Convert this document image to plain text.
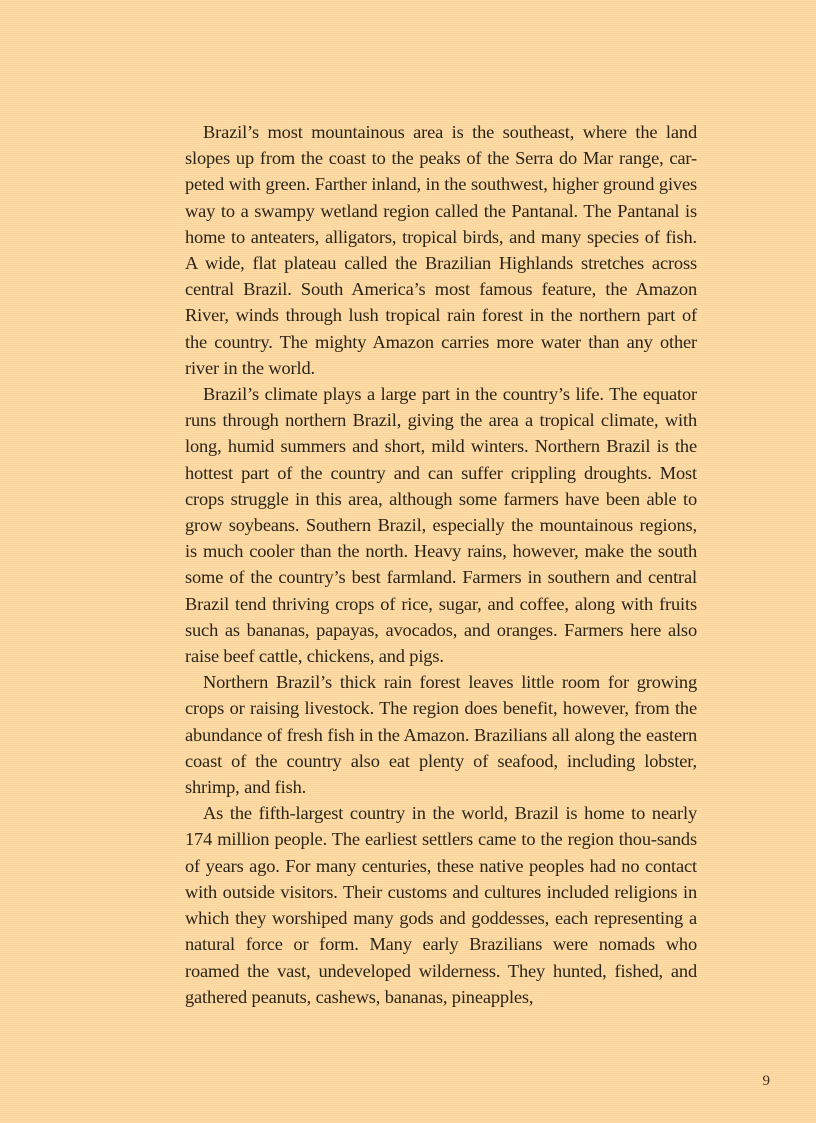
Brazil’s most mountainous area is the southeast, where the land slopes up from the coast to the peaks of the Serra do Mar range, car-peted with green. Farther inland, in the southwest, higher ground gives way to a swampy wetland region called the Pantanal. The Pantanal is home to anteaters, alligators, tropical birds, and many species of fish. A wide, flat plateau called the Brazilian Highlands stretches across central Brazil. South America’s most famous feature, the Amazon River, winds through lush tropical rain forest in the northern part of the country. The mighty Amazon carries more water than any other river in the world.

Brazil’s climate plays a large part in the country’s life. The equator runs through northern Brazil, giving the area a tropical climate, with long, humid summers and short, mild winters. Northern Brazil is the hottest part of the country and can suffer crippling droughts. Most crops struggle in this area, although some farmers have been able to grow soybeans. Southern Brazil, especially the mountainous regions, is much cooler than the north. Heavy rains, however, make the south some of the country’s best farmland. Farmers in southern and central Brazil tend thriving crops of rice, sugar, and coffee, along with fruits such as bananas, papayas, avocados, and oranges. Farmers here also raise beef cattle, chickens, and pigs.

Northern Brazil’s thick rain forest leaves little room for growing crops or raising livestock. The region does benefit, however, from the abundance of fresh fish in the Amazon. Brazilians all along the eastern coast of the country also eat plenty of seafood, including lobster, shrimp, and fish.

As the fifth-largest country in the world, Brazil is home to nearly 174 million people. The earliest settlers came to the region thou-sands of years ago. For many centuries, these native peoples had no contact with outside visitors. Their customs and cultures included religions in which they worshiped many gods and goddesses, each representing a natural force or form. Many early Brazilians were nomads who roamed the vast, undeveloped wilderness. They hunted, fished, and gathered peanuts, cashews, bananas, pineapples,

9
